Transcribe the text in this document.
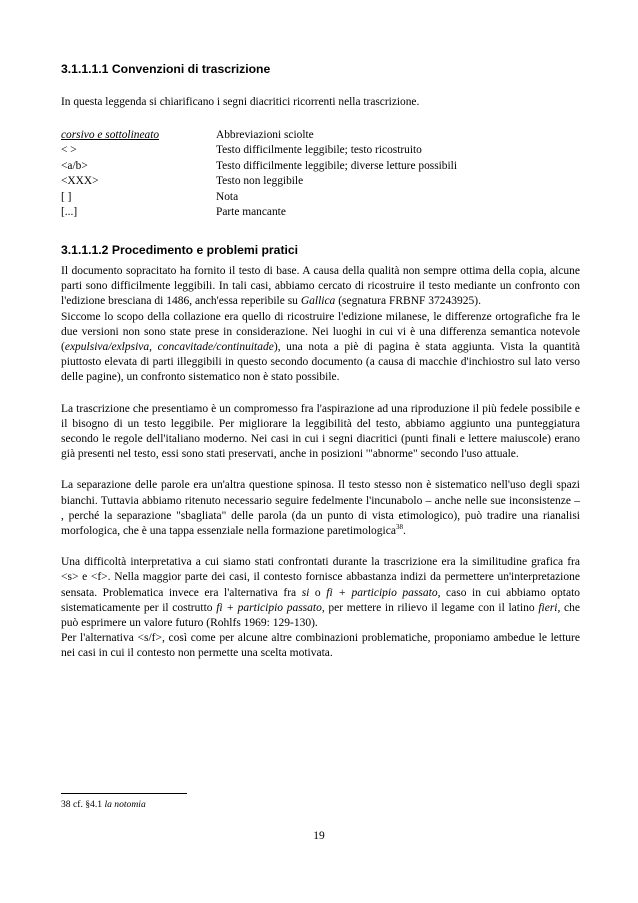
3.1.1.1.1 Convenzioni di trascrizione
In questa leggenda si chiarificano i segni diacritici ricorrenti nella trascrizione.
corsivo e sottolineato	Abbreviazioni sciolte
< >	Testo difficilmente leggibile; testo ricostruito
<a/b>	Testo difficilmente leggibile; diverse letture possibili
<XXX>	Testo non leggibile
[ ]	Nota
[...]	Parte mancante
3.1.1.1.2 Procedimento e problemi pratici

Il documento sopracitato ha fornito il testo di base. A causa della qualità non sempre ottima della copia, alcune parti sono difficilmente leggibili. In tali casi, abbiamo cercato di ricostruire il testo mediante un confronto con l'edizione bresciana di 1486, anch'essa reperibile su Gallica (segnatura FRBNF 37243925).

Siccome lo scopo della collazione era quello di ricostruire l'edizione milanese, le differenze ortografiche fra le due versioni non sono state prese in considerazione. Nei luoghi in cui vi è una differenza semantica notevole (expulsiva/exlpsiva, concavitade/continuitade), una nota a piè di pagina è stata aggiunta. Vista la quantità piuttosto elevata di parti illeggibili in questo secondo documento (a causa di macchie d'inchiostro sul lato verso delle pagine), un confronto sistematico non è stato possibile.

La trascrizione che presentiamo è un compromesso fra l'aspirazione ad una riproduzione il più fedele possibile e il bisogno di un testo leggibile. Per migliorare la leggibilità del testo, abbiamo aggiunto una punteggiatura secondo le regole dell'italiano moderno. Nei casi in cui i segni diacritici (punti finali e lettere maiuscole) erano già presenti nel testo, essi sono stati preservati, anche in posizioni '"abnorme" secondo l'uso attuale.

La separazione delle parole era un'altra questione spinosa. Il testo stesso non è sistematico nell'uso degli spazi bianchi. Tuttavia abbiamo ritenuto necessario seguire fedelmente l'incunabolo – anche nelle sue inconsistenze – , perché la separazione "sbagliata" delle parola (da un punto di vista etimologico), può tradire una rianalisi morfologica, che è una tappa essenziale nella formazione paretimologica$^{38}$.

Una difficoltà interpretativa a cui siamo stati confrontati durante la trascrizione era la similitudine grafica fra <s> e <f>. Nella maggior parte dei casi, il contesto fornisce abbastanza indizi da permettere un'interpretazione sensata. Problematica invece era l'alternativa fra si o fi + participio passato, caso in cui abbiamo optato sistematicamente per il costrutto fi + participio passato, per mettere in rilievo il legame con il latino fieri, che può esprimere un valore futuro (Rohlfs 1969: 129-130).

Per l'alternativa <s/f>, così come per alcune altre combinazioni problematiche, proponiamo ambedue le letture nei casi in cui il contesto non permette una scelta motivata.

38 cf. §4.1 la notomia
19
